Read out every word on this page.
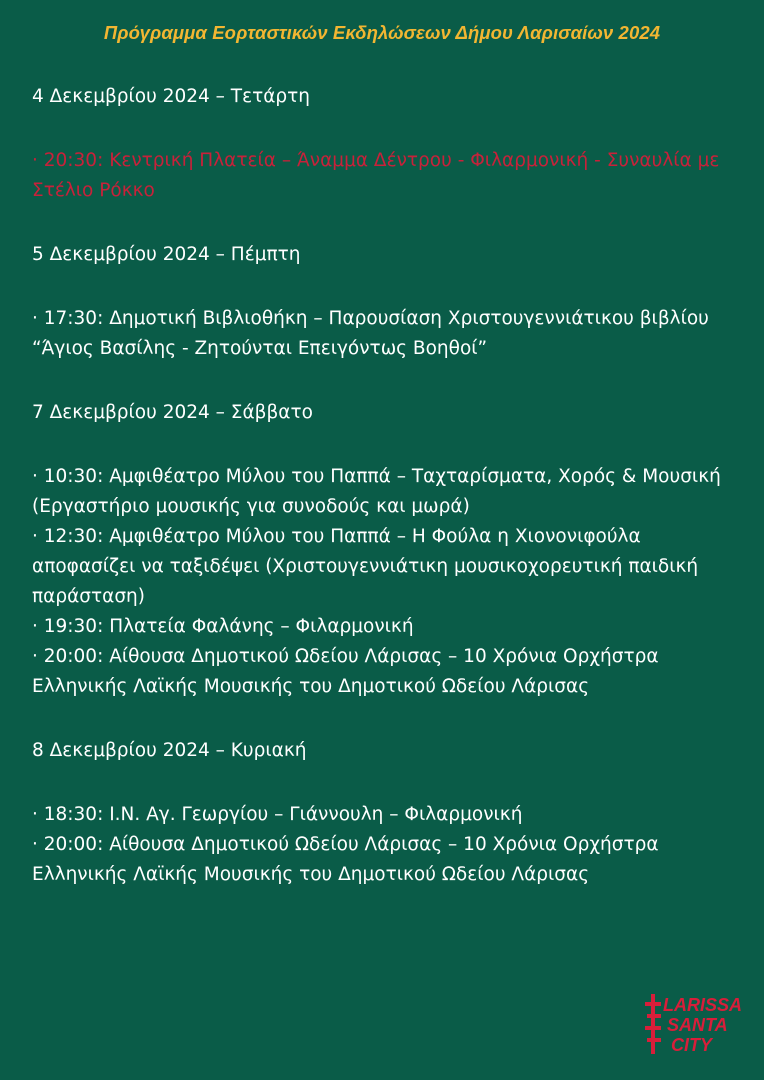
Πρόγραμμα Εορταστικών Εκδηλώσεων Δήμου Λαρισαίων 2024
4 Δεκεμβρίου 2024 – Τετάρτη
· 20:30: Κεντρική Πλατεία – Άναμμα Δέντρου - Φιλαρμονική - Συναυλία με Στέλιο Ρόκκο
5 Δεκεμβρίου 2024 – Πέμπτη
· 17:30: Δημοτική Βιβλιοθήκη – Παρουσίαση Χριστουγεννιάτικου βιβλίου “Άγιος Βασίλης - Ζητούνται Επειγόντως Βοηθοί”
7 Δεκεμβρίου 2024 – Σάββατο
· 10:30: Αμφιθέατρο Μύλου του Παππά – Ταχταρίσματα, Χορός & Μουσική (Εργαστήριο μουσικής για συνοδούς και μωρά)
· 12:30: Αμφιθέατρο Μύλου του Παππά – Η Φούλα η Χιονονιφούλα αποφασίζει να ταξιδέψει (Χριστουγεννιάτικη μουσικοχορευτική παιδική παράσταση)
· 19:30: Πλατεία Φαλάνης – Φιλαρμονική
· 20:00: Αίθουσα Δημοτικού Ωδείου Λάρισας – 10 Χρόνια Ορχήστρα Ελληνικής Λαϊκής Μουσικής του Δημοτικού Ωδείου Λάρισας
8 Δεκεμβρίου 2024 – Κυριακή
· 18:30: Ι.Ν. Αγ. Γεωργίου – Γιάννουλη – Φιλαρμονική
· 20:00: Αίθουσα Δημοτικού Ωδείου Λάρισας – 10 Χρόνια Ορχήστρα Ελληνικής Λαϊκής Μουσικής του Δημοτικού Ωδείου Λάρισας
LARISSA
SANTA
CITY
